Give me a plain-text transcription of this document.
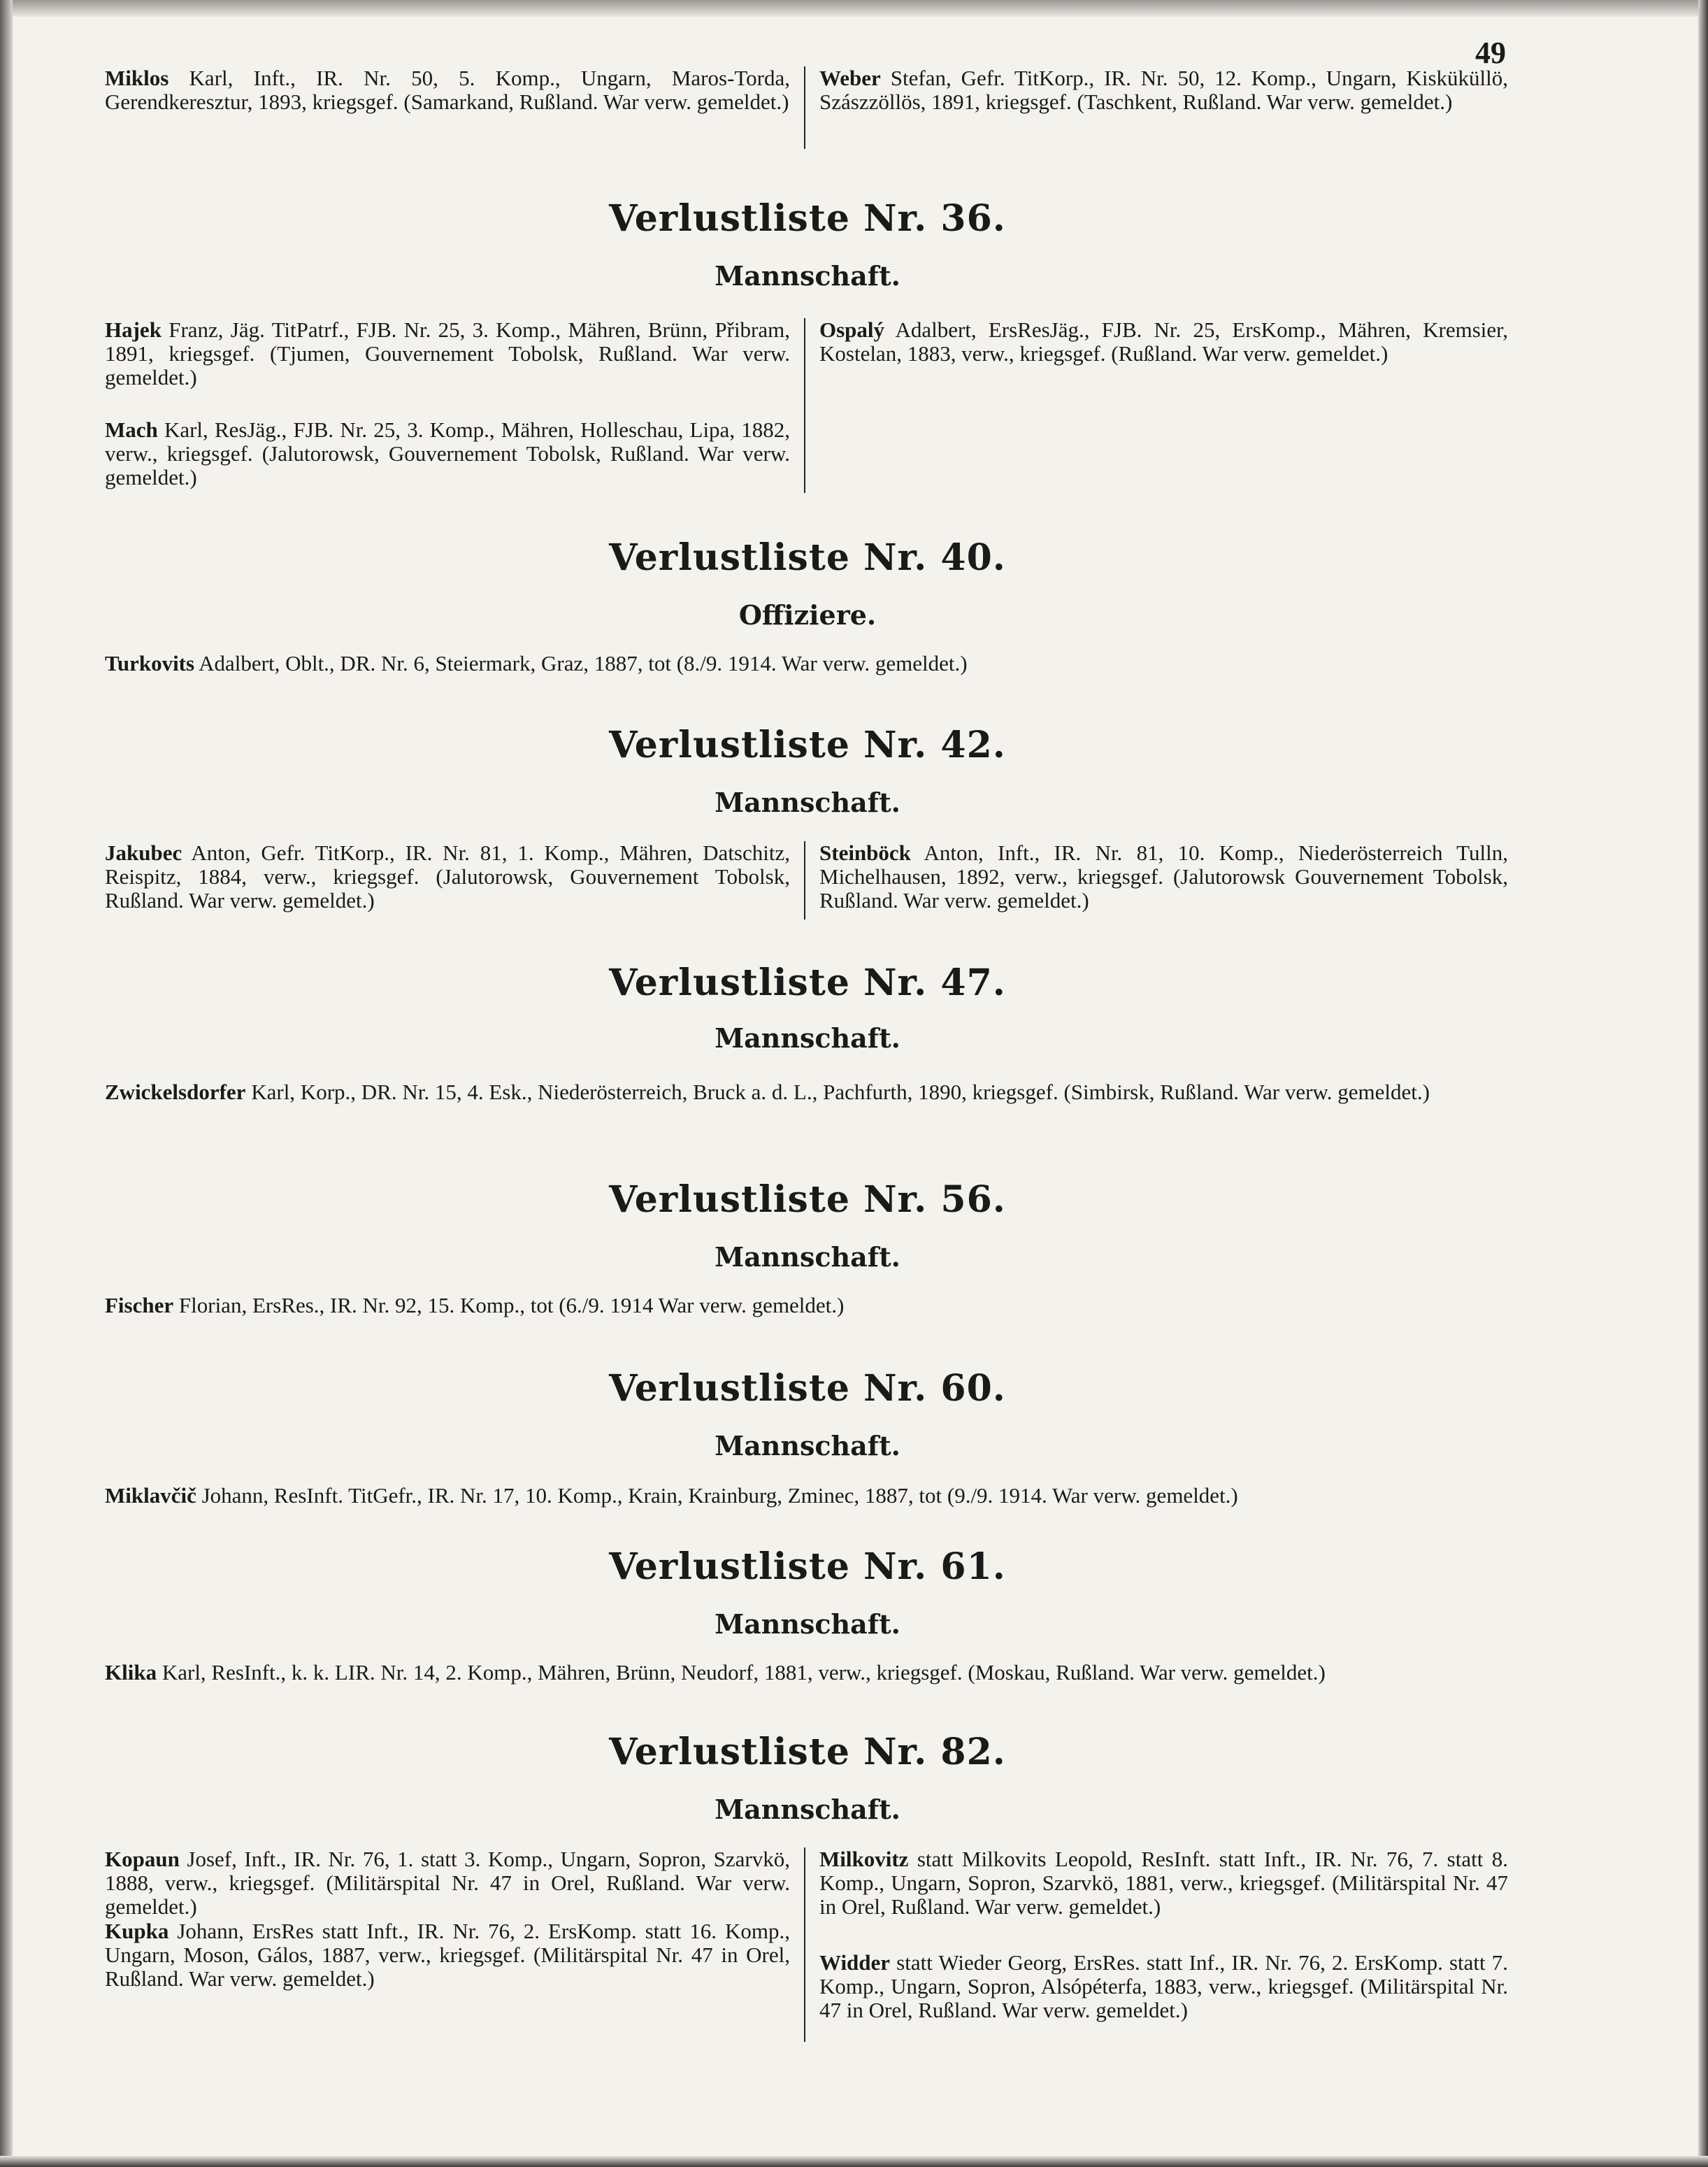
49
Miklos Karl, Inft., IR. Nr. 50, 5. Komp., Ungarn, Maros-Torda, Gerendkeresztur, 1893, kriegsgef. (Samarkand, Rußland. War verw. gemeldet.)
Weber Stefan, Gefr. TitKorp., IR. Nr. 50, 12. Komp., Ungarn, Kisküküllö, Szászzöllös, 1891, kriegsgef. (Taschkent, Rußland. War verw. gemeldet.)
Verlustliste Nr. 36.
Mannschaft.
Hajek Franz, Jäg. TitPatrf., FJB. Nr. 25, 3. Komp., Mähren, Brünn, Přibram, 1891, kriegsgef. (Tjumen, Gouvernement Tobolsk, Rußland. War verw. gemeldet.)
Mach Karl, ResJäg., FJB. Nr. 25, 3. Komp., Mähren, Holleschau, Lipa, 1882, verw., kriegsgef. (Jalutorowsk, Gouvernement Tobolsk, Rußland. War verw. gemeldet.)
Ospalý Adalbert, ErsResJäg., FJB. Nr. 25, ErsKomp., Mähren, Kremsier, Kostelan, 1883, verw., kriegsgef. (Rußland. War verw. gemeldet.)
Verlustliste Nr. 40.
Offiziere.
Turkovits Adalbert, Oblt., DR. Nr. 6, Steiermark, Graz, 1887, tot (8./9. 1914. War verw. gemeldet.)
Verlustliste Nr. 42.
Mannschaft.
Jakubec Anton, Gefr. TitKorp., IR. Nr. 81, 1. Komp., Mähren, Datschitz, Reispitz, 1884, verw., kriegsgef. (Jalutorowsk, Gouvernement Tobolsk, Rußland. War verw. gemeldet.)
Steinböck Anton, Inft., IR. Nr. 81, 10. Komp., Niederösterreich Tulln, Michelhausen, 1892, verw., kriegsgef. (Jalutorowsk Gouvernement Tobolsk, Rußland. War verw. gemeldet.)
Verlustliste Nr. 47.
Mannschaft.
Zwickelsdorfer Karl, Korp., DR. Nr. 15, 4. Esk., Niederösterreich, Bruck a. d. L., Pachfurth, 1890, kriegsgef. (Simbirsk, Rußland. War verw. gemeldet.)
Verlustliste Nr. 56.
Mannschaft.
Fischer Florian, ErsRes., IR. Nr. 92, 15. Komp., tot (6./9. 1914 War verw. gemeldet.)
Verlustliste Nr. 60.
Mannschaft.
Miklavčič Johann, ResInft. TitGefr., IR. Nr. 17, 10. Komp., Krain, Krainburg, Zminec, 1887, tot (9./9. 1914. War verw. gemeldet.)
Verlustliste Nr. 61.
Mannschaft.
Klika Karl, ResInft., k. k. LIR. Nr. 14, 2. Komp., Mähren, Brünn, Neudorf, 1881, verw., kriegsgef. (Moskau, Rußland. War verw. gemeldet.)
Verlustliste Nr. 82.
Mannschaft.
Kopaun Josef, Inft., IR. Nr. 76, 1. statt 3. Komp., Ungarn, Sopron, Szarvkö, 1888, verw., kriegsgef. (Militärspital Nr. 47 in Orel, Rußland. War verw. gemeldet.)
Kupka Johann, ErsRes statt Inft., IR. Nr. 76, 2. ErsKomp. statt 16. Komp., Ungarn, Moson, Gálos, 1887, verw., kriegsgef. (Militärspital Nr. 47 in Orel, Rußland. War verw. gemeldet.)
Milkovitz statt Milkovits Leopold, ResInft. statt Inft., IR. Nr. 76, 7. statt 8. Komp., Ungarn, Sopron, Szarvkö, 1881, verw., kriegsgef. (Militärspital Nr. 47 in Orel, Rußland. War verw. gemeldet.)
Widder statt Wieder Georg, ErsRes. statt Inf., IR. Nr. 76, 2. ErsKomp. statt 7. Komp., Ungarn, Sopron, Alsópéterfa, 1883, verw., kriegsgef. (Militärspital Nr. 47 in Orel, Rußland. War verw. gemeldet.)
